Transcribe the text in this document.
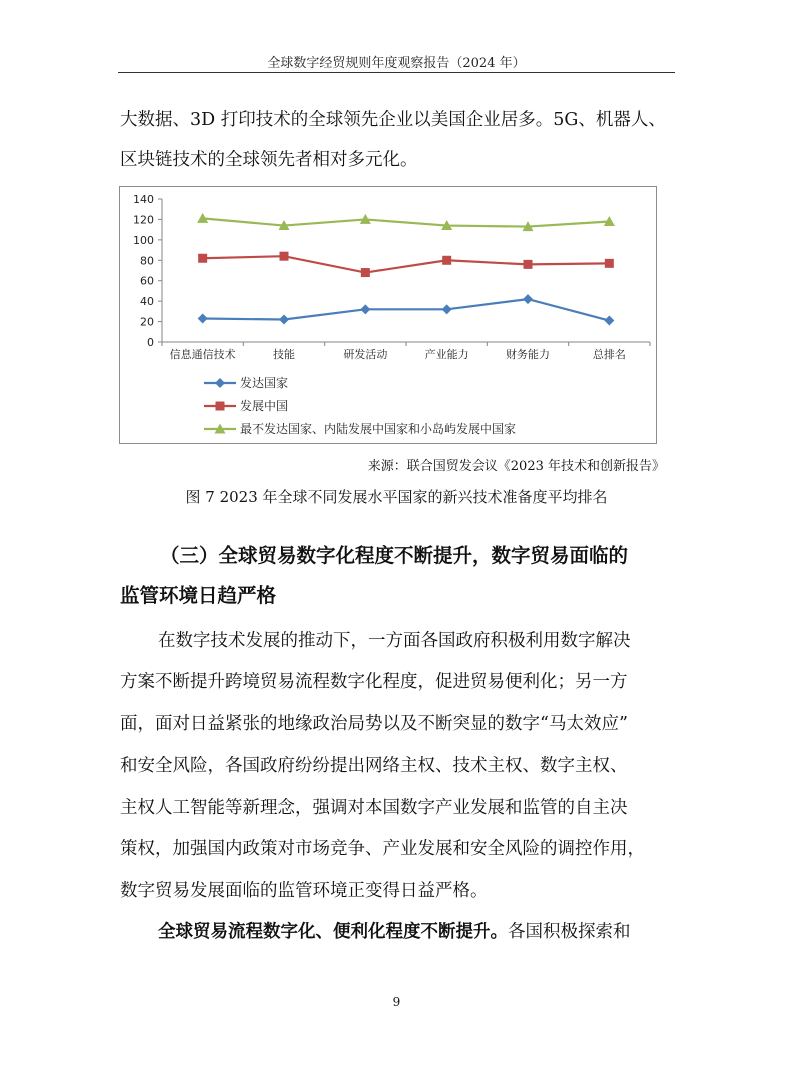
全球数字经贸规则年度观察报告（2024 年）
大数据、3D 打印技术的全球领先企业以美国企业居多。5G、机器人、
区块链技术的全球领先者相对多元化。
0
20
40
60
80
100
120
140
信息通信技术	技能	研发活动	产业能力	财务能力	总排名
发达国家
发展中国
最不发达国家、内陆发展中国家和小岛屿发展中国家
来源：联合国贸发会议《2023 年技术和创新报告》
图 7 2023 年全球不同发展水平国家的新兴技术准备度平均排名
（三）全球贸易数字化程度不断提升，数字贸易面临的
监管环境日趋严格
在数字技术发展的推动下，一方面各国政府积极利用数字解决
方案不断提升跨境贸易流程数字化程度，促进贸易便利化；另一方
面，面对日益紧张的地缘政治局势以及不断突显的数字“马太效应”
和安全风险，各国政府纷纷提出网络主权、技术主权、数字主权、
主权人工智能等新理念，强调对本国数字产业发展和监管的自主决
策权，加强国内政策对市场竞争、产业发展和安全风险的调控作用，
数字贸易发展面临的监管环境正变得日益严格。
全球贸易流程数字化、便利化程度不断提升。各国积极探索和
9
